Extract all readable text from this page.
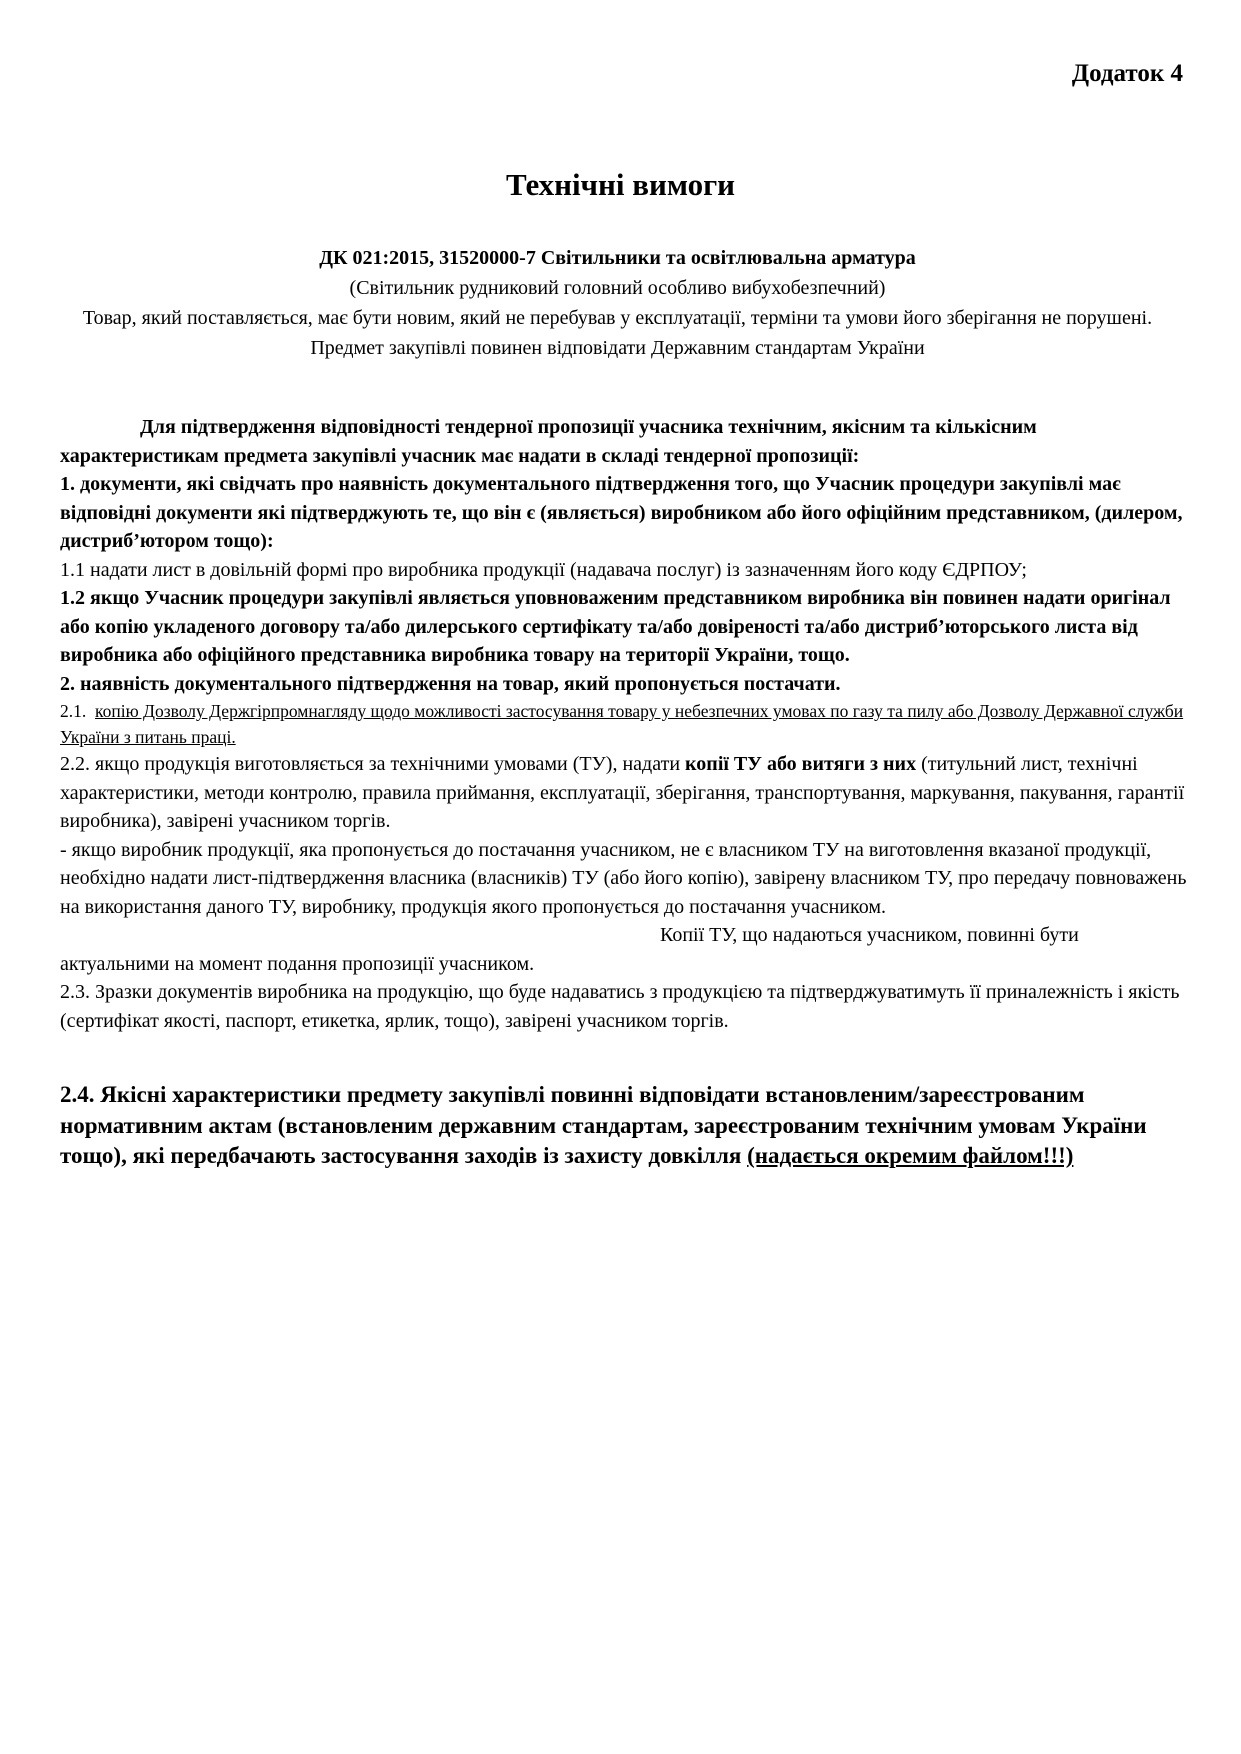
Додаток 4
Технічні вимоги
ДК 021:2015, 31520000-7 Світильники та освітлювальна арматура
(Світильник рудниковий головний особливо вибухобезпечний)
Товар, який поставляється, має бути новим, який не перебував у експлуатації, терміни та умови його зберігання не порушені.
Предмет закупівлі повинен відповідати Державним стандартам України

Для підтвердження відповідності тендерної пропозиції учасника технічним, якісним та кількісним характеристикам предмета закупівлі учасник має надати в складі тендерної пропозиції:

1. документи, які свідчать про наявність документального підтвердження того, що Учасник процедури закупівлі має відповідні документи які підтверджують те, що він є (являється) виробником або його офіційним представником, (дилером, дистриб’ютором тощо):

1.1 надати лист в довільній формі про виробника продукції (надавача послуг) із зазначенням його коду ЄДРПОУ;

1.2 якщо Учасник процедури закупівлі являється уповноваженим представником виробника він повинен надати оригінал або копію укладеного договору та/або дилерського сертифікату та/або довіреності та/або дистриб’юторського листа від виробника або офіційного представника виробника товару на території України, тощо.

2. наявність документального підтвердження на товар, який пропонується постачати.

2.1. копію Дозволу Держгірпромнагляду щодо можливості застосування товару у небезпечних умовах по газу та пилу або Дозволу Державної служби України з питань праці.

2.2. якщо продукція виготовляється за технічними умовами (ТУ), надати копії ТУ або витяги з них (титульний лист, технічні характеристики, методи контролю, правила приймання, експлуатації, зберігання, транспортування, маркування, пакування, гарантії виробника), завірені учасником торгів.

- якщо виробник продукції, яка пропонується до постачання учасником, не є власником ТУ на виготовлення вказаної продукції, необхідно надати лист-підтвердження власника (власників) ТУ (або його копію), завірену власником ТУ, про передачу повноважень на використання даного ТУ, виробнику, продукція якого пропонується до постачання учасником.Копії ТУ, що надаються учасником, повинні бути актуальними на момент подання пропозиції учасником.

2.3. Зразки документів виробника на продукцію, що буде надаватись з продукцією та підтверджуватимуть її приналежність і якість (сертифікат якості, паспорт, етикетка, ярлик, тощо), завірені учасником торгів.

2.4. Якісні характеристики предмету закупівлі повинні відповідати встановленим/зареєстрованим нормативним актам (встановленим державним стандартам, зареєстрованим технічним умовам України тощо), які передбачають застосування заходів із захисту довкілля (надається окремим файлом!!!)
